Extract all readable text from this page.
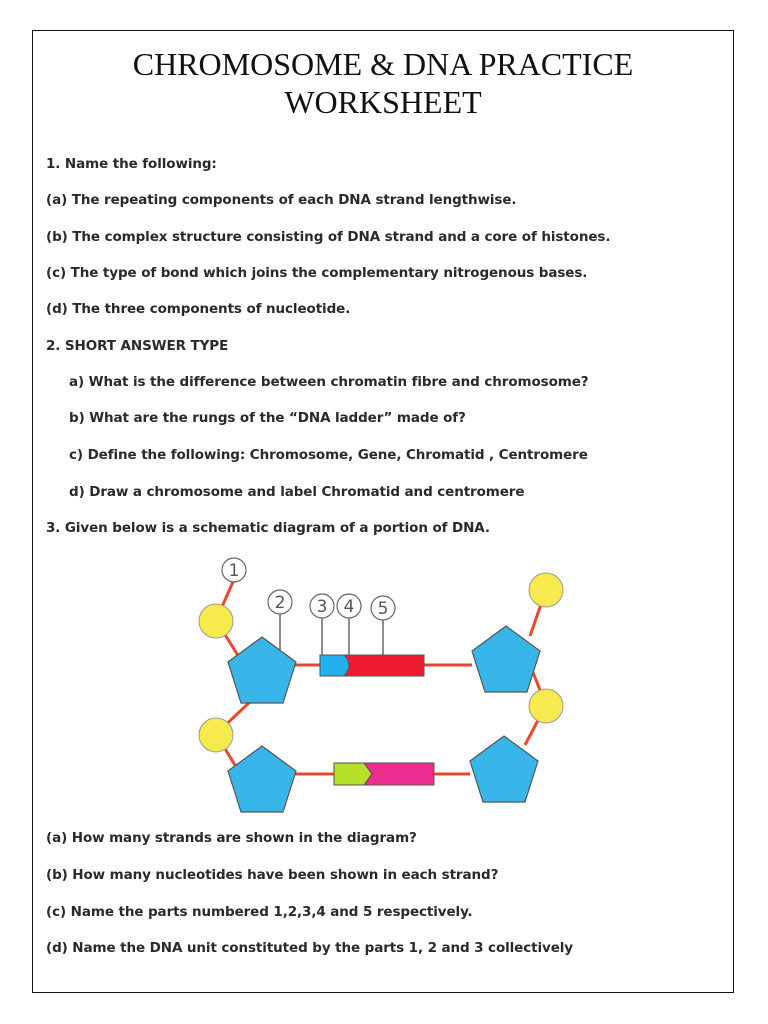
CHROMOSOME & DNA PRACTICE
WORKSHEET
1. Name the following:
(a) The repeating components of each DNA strand lengthwise.
(b) The complex structure consisting of DNA strand and a core of histones.
(c) The type of bond which joins the complementary nitrogenous bases.
(d) The three components of nucleotide.
2. SHORT ANSWER TYPE
a) What is the difference between chromatin fibre and chromosome?
b) What are the rungs of the “DNA ladder” made of?
c) Define the following: Chromosome, Gene, Chromatid , Centromere
d) Draw a chromosome and label Chromatid and centromere
3. Given below is a schematic diagram of a portion of DNA.
1
2 3 4 5
(a) How many strands are shown in the diagram?
(b) How many nucleotides have been shown in each strand?
(c) Name the parts numbered 1,2,3,4 and 5 respectively.
(d) Name the DNA unit constituted by the parts 1, 2 and 3 collectively
